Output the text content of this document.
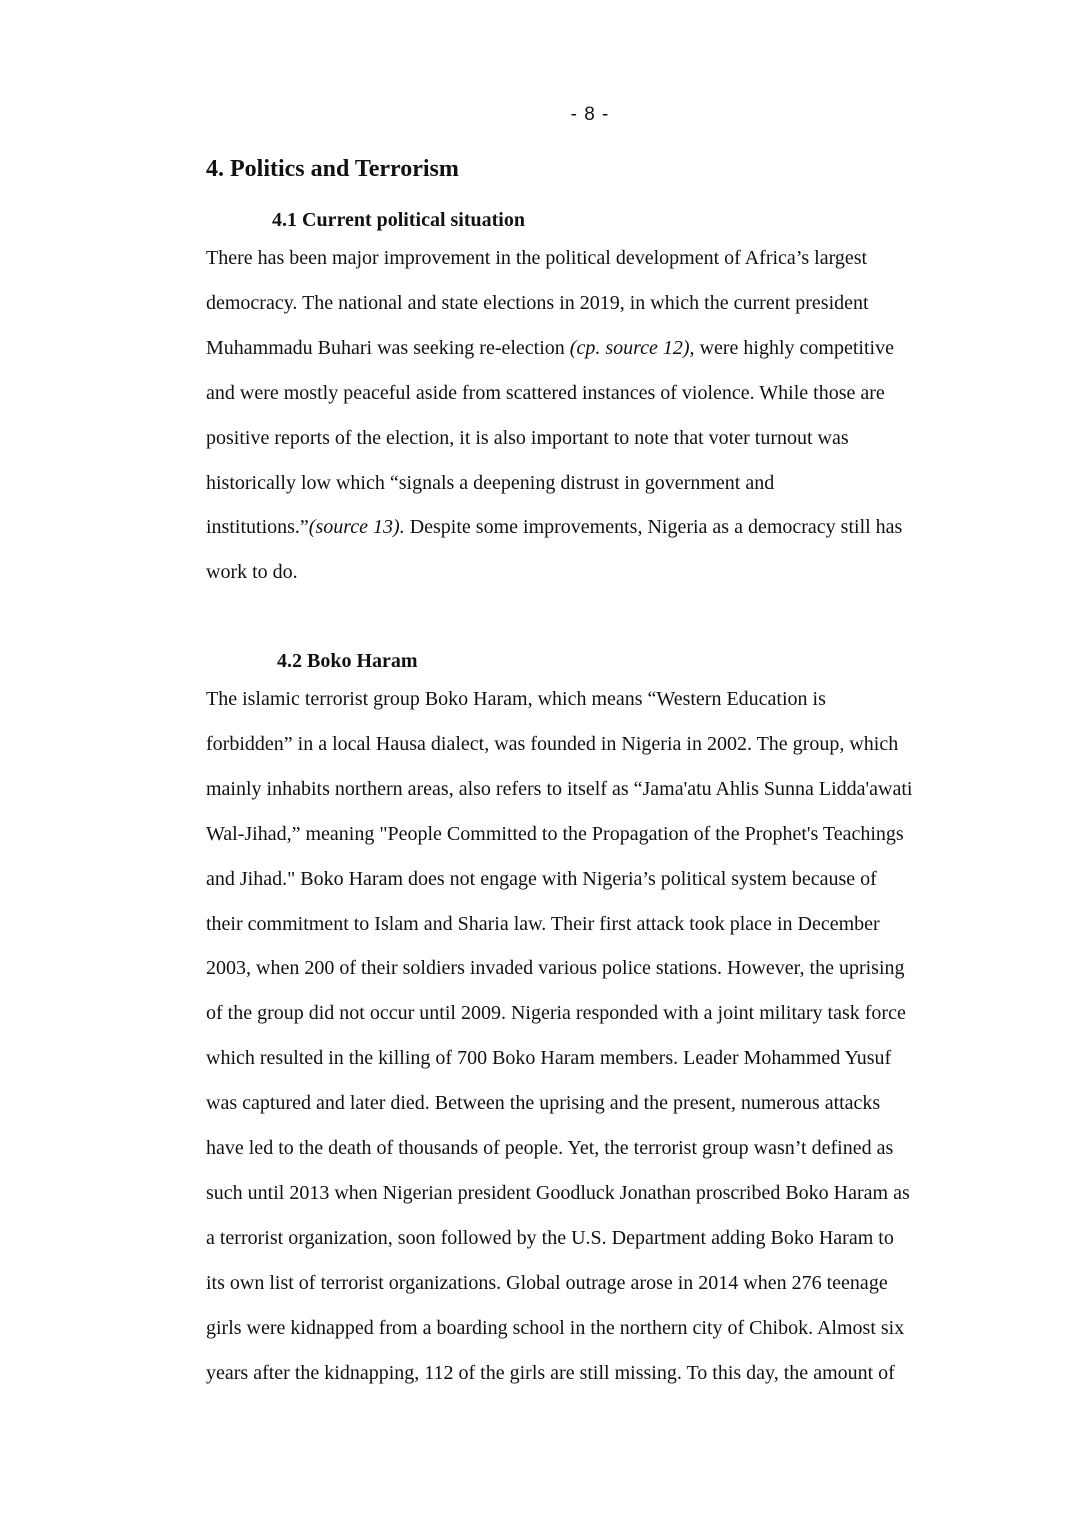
- 8 -
4. Politics and Terrorism
4.1 Current political situation
There has been major improvement in the political development of Africa’s largest
democracy. The national and state elections in 2019, in which the current president
Muhammadu Buhari was seeking re-election (cp. source 12), were highly competitive
and were mostly peaceful aside from scattered instances of violence. While those are
positive reports of the election, it is also important to note that voter turnout was
historically low which “signals a deepening distrust in government and
institutions.”(source 13). Despite some improvements, Nigeria as a democracy still has
work to do.
4.2 Boko Haram
The islamic terrorist group Boko Haram, which means “Western Education is
forbidden” in a local Hausa dialect, was founded in Nigeria in 2002. The group, which
mainly inhabits northern areas, also refers to itself as “Jama'atu Ahlis Sunna Lidda'awati
Wal-Jihad,” meaning "People Committed to the Propagation of the Prophet's Teachings
and Jihad." Boko Haram does not engage with Nigeria’s political system because of
their commitment to Islam and Sharia law. Their first attack took place in December
2003, when 200 of their soldiers invaded various police stations. However, the uprising
of the group did not occur until 2009. Nigeria responded with a joint military task force
which resulted in the killing of 700 Boko Haram members. Leader Mohammed Yusuf
was captured and later died. Between the uprising and the present, numerous attacks
have led to the death of thousands of people. Yet, the terrorist group wasn’t defined as
such until 2013 when Nigerian president Goodluck Jonathan proscribed Boko Haram as
a terrorist organization, soon followed by the U.S. Department adding Boko Haram to
its own list of terrorist organizations. Global outrage arose in 2014 when 276 teenage
girls were kidnapped from a boarding school in the northern city of Chibok. Almost six
years after the kidnapping, 112 of the girls are still missing. To this day, the amount of
